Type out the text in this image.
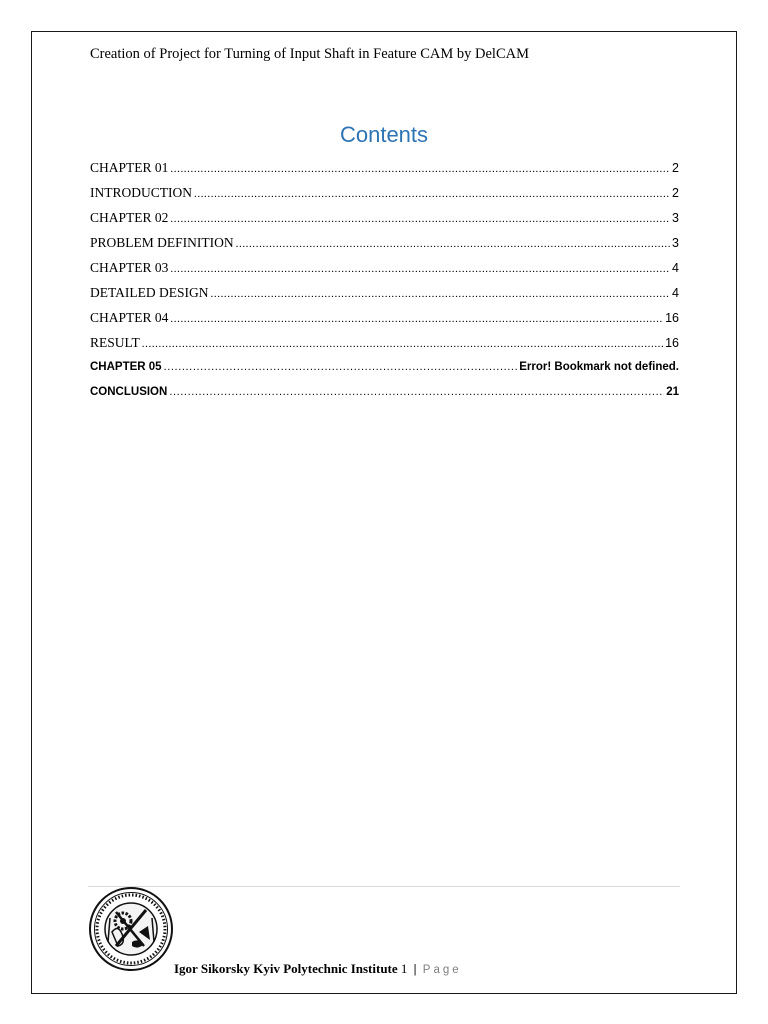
Creation of Project for Turning of Input Shaft in Feature CAM by DelCAM
Contents
CHAPTER 01 .....	2
INTRODUCTION .....	2
CHAPTER 02 .....	3
PROBLEM DEFINITION .....	3
CHAPTER 03 .....	4
DETAILED DESIGN .....	4
CHAPTER 04 .....	16
RESULT .....	16
CHAPTER 05 .....	Error! Bookmark not defined.
CONCLUSION .....	21
Igor Sikorsky Kyiv Polytechnic Institute 1 | Page
